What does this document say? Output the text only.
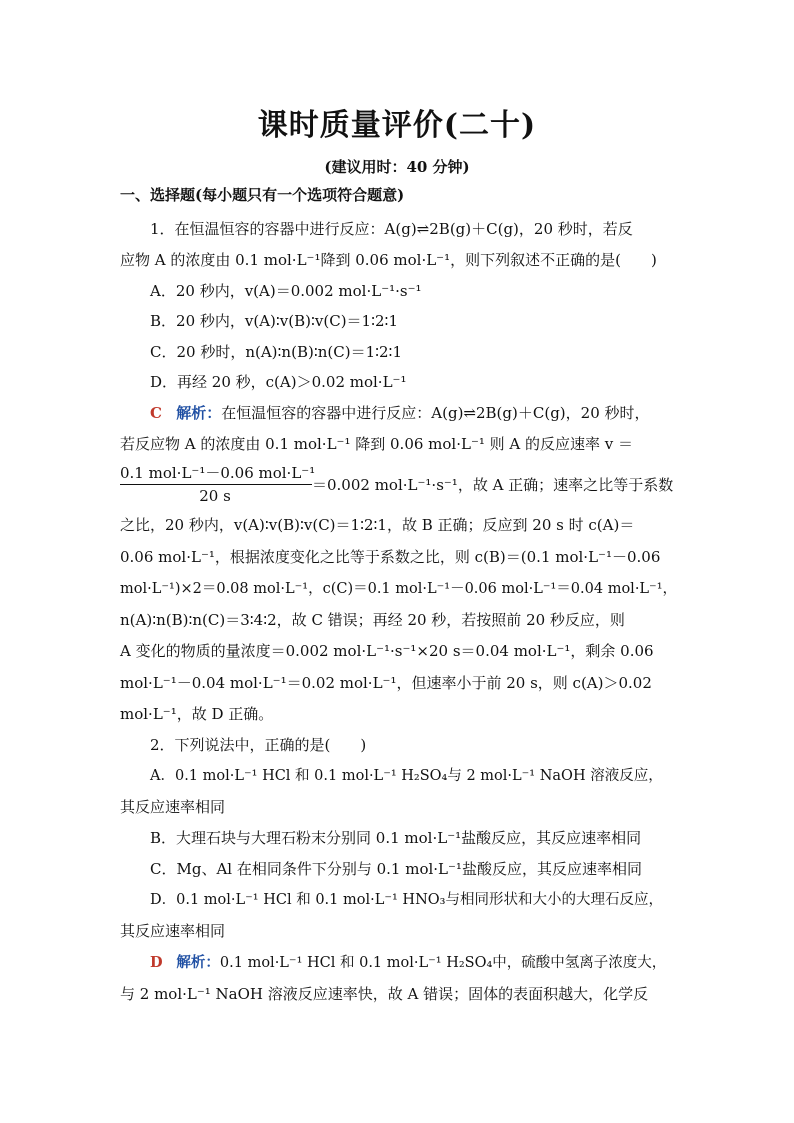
课时质量评价(二十)
(建议用时：40 分钟)
一、选择题(每小题只有一个选项符合题意)
1．在恒温恒容的容器中进行反应：A(g)⇌2B(g)＋C(g)，20 秒时，若反
应物 A 的浓度由 0.1 mol·L⁻¹降到 0.06 mol·L⁻¹，则下列叙述不正确的是(　　)
A．20 秒内，v(A)＝0.002 mol·L⁻¹·s⁻¹
B．20 秒内，v(A)∶v(B)∶v(C)＝1∶2∶1
C．20 秒时，n(A)∶n(B)∶n(C)＝1∶2∶1
D．再经 20 秒，c(A)＞0.02 mol·L⁻¹
C 解析：在恒温恒容的容器中进行反应：A(g)⇌2B(g)＋C(g)，20 秒时，
若反应物 A 的浓度由 0.1 mol·L⁻¹ 降到 0.06 mol·L⁻¹ 则 A 的反应速率 v ＝
0.1 mol·L⁻¹－0.06 mol·L⁻¹
20 s
＝0.002 mol·L⁻¹·s⁻¹，故 A 正确；速率之比等于系数
之比，20 秒内，v(A)∶v(B)∶v(C)＝1∶2∶1，故 B 正确；反应到 20 s 时 c(A)＝
0.06 mol·L⁻¹，根据浓度变化之比等于系数之比，则 c(B)＝(0.1 mol·L⁻¹－0.06
mol·L⁻¹)×2＝0.08 mol·L⁻¹，c(C)＝0.1 mol·L⁻¹－0.06 mol·L⁻¹＝0.04 mol·L⁻¹，
n(A)∶n(B)∶n(C)＝3∶4∶2，故 C 错误；再经 20 秒，若按照前 20 秒反应，则
A 变化的物质的量浓度＝0.002 mol·L⁻¹·s⁻¹×20 s＝0.04 mol·L⁻¹，剩余 0.06
mol·L⁻¹－0.04 mol·L⁻¹＝0.02 mol·L⁻¹，但速率小于前 20 s，则 c(A)＞0.02
mol·L⁻¹，故 D 正确。
2．下列说法中，正确的是(　　)
A．0.1 mol·L⁻¹ HCl 和 0.1 mol·L⁻¹ H₂SO₄与 2 mol·L⁻¹ NaOH 溶液反应，
其反应速率相同
B．大理石块与大理石粉末分别同 0.1 mol·L⁻¹盐酸反应，其反应速率相同
C．Mg、Al 在相同条件下分别与 0.1 mol·L⁻¹盐酸反应，其反应速率相同
D．0.1 mol·L⁻¹ HCl 和 0.1 mol·L⁻¹ HNO₃与相同形状和大小的大理石反应，
其反应速率相同
D 解析：0.1 mol·L⁻¹ HCl 和 0.1 mol·L⁻¹ H₂SO₄中，硫酸中氢离子浓度大，
与 2 mol·L⁻¹ NaOH 溶液反应速率快，故 A 错误；固体的表面积越大，化学反
